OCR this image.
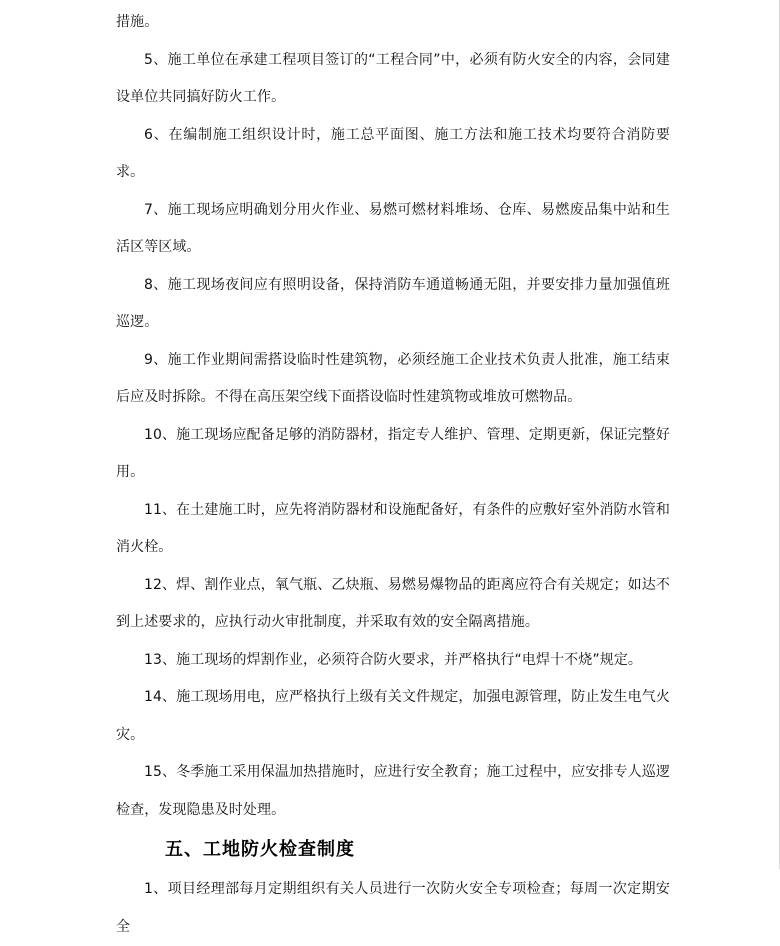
措施。

5、施工单位在承建工程项目签订的“工程合同”中，必须有防火安全的内容，会同建设单位共同搞好防火工作。

6、在编制施工组织设计时，施工总平面图、施工方法和施工技术均要符合消防要求。

7、施工现场应明确划分用火作业、易燃可燃材料堆场、仓库、易燃废品集中站和生活区等区域。

8、施工现场夜间应有照明设备，保持消防车通道畅通无阻，并要安排力量加强值班巡逻。

9、施工作业期间需搭设临时性建筑物，必须经施工企业技术负责人批准，施工结束后应及时拆除。不得在高压架空线下面搭设临时性建筑物或堆放可燃物品。

10、施工现场应配备足够的消防器材，指定专人维护、管理、定期更新，保证完整好用。

11、在土建施工时，应先将消防器材和设施配备好，有条件的应敷好室外消防水管和消火栓。

12、焊、割作业点，氧气瓶、乙炔瓶、易燃易爆物品的距离应符合有关规定；如达不到上述要求的，应执行动火审批制度，并采取有效的安全隔离措施。

13、施工现场的焊割作业，必须符合防火要求，并严格执行“电焊十不烧”规定。

14、施工现场用电，应严格执行上级有关文件规定，加强电源管理，防止发生电气火灾。

15、冬季施工采用保温加热措施时，应进行安全教育；施工过程中，应安排专人巡逻检查，发现隐患及时处理。

五、工地防火检查制度

1、项目经理部每月定期组织有关人员进行一次防火安全专项检查；每周一次定期安全
